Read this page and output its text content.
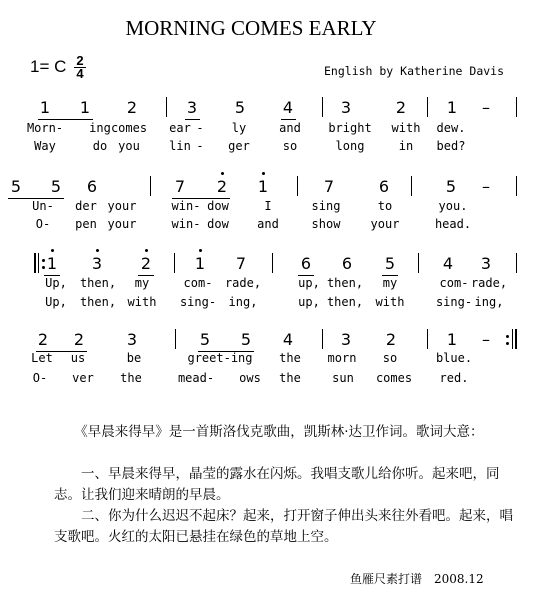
MORNING COMES EARLY
1= C $\frac{2}{4}$	English by Katherine Davis
1 1 2	3 5 4	3	2	1 –
Morn- ing comes ear - ly	and bright with dew.
Way	do you lin - ger	so	long	in bed?
5 5 6	7 2 1	7	6	5 –
Un- der your	win- dow	I	sing	to	you.
O- pen your	win- dow and	show	your	head.
1 3 2	1 7	6 6 5	4 3
Up, then, my	com- rade,	up, then, my	com- rade,
Up, then, with sing- ing,	up, then, with	sing- ing,
2 2	3	5 5 4	3 2	1 –
Let us	be	greet-ing the morn so	blue.
O- ver the	mead- ows the	sun comes red.
　　《早晨来得早》是一首斯洛伐克歌曲，凯斯林·达卫作词。歌词大意：
　　一、早晨来得早，晶莹的露水在闪烁。我唱支歌儿给你听。起来吧，同志。让我们迎来晴朗的早晨。
　　二、你为什么迟迟不起床？起来，打开窗子伸出头来往外看吧。起来，唱支歌吧。火红的太阳已悬挂在绿色的草地上空。
鱼雁尺素打谱　2008.12
